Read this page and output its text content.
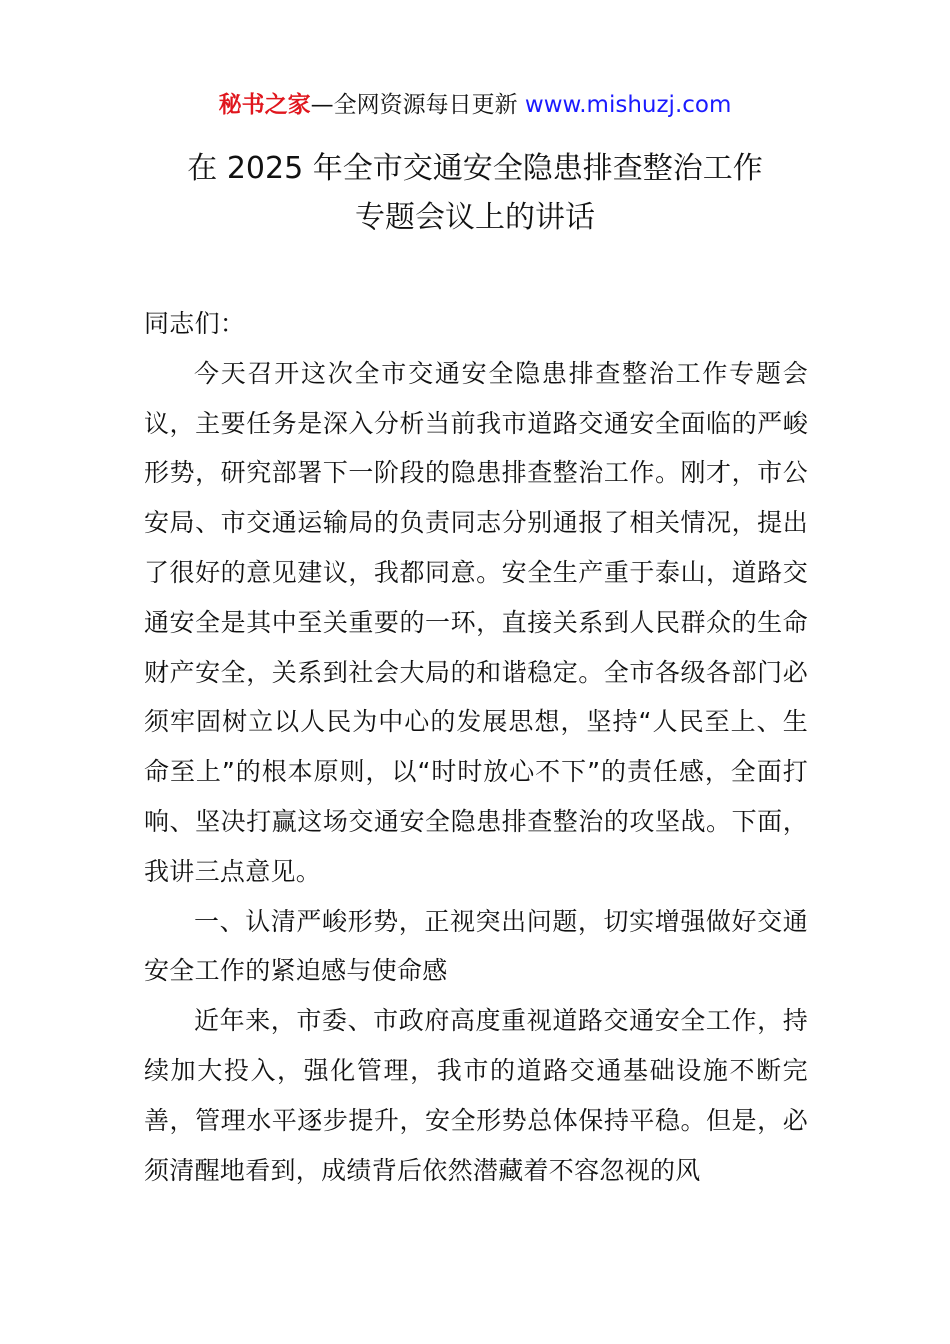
秘书之家—全网资源每日更新 www.mishuzj.com
在 2025 年全市交通安全隐患排查整治工作
专题会议上的讲话

同志们：

今天召开这次全市交通安全隐患排查整治工作专题会议，主要任务是深入分析当前我市道路交通安全面临的严峻形势，研究部署下一阶段的隐患排查整治工作。刚才，市公安局、市交通运输局的负责同志分别通报了相关情况，提出了很好的意见建议，我都同意。安全生产重于泰山，道路交通安全是其中至关重要的一环，直接关系到人民群众的生命财产安全，关系到社会大局的和谐稳定。全市各级各部门必须牢固树立以人民为中心的发展思想，坚持“人民至上、生命至上”的根本原则，以“时时放心不下”的责任感，全面打响、坚决打赢这场交通安全隐患排查整治的攻坚战。下面，我讲三点意见。

一、认清严峻形势，正视突出问题，切实增强做好交通安全工作的紧迫感与使命感

近年来，市委、市政府高度重视道路交通安全工作，持续加大投入，强化管理，我市的道路交通基础设施不断完善，管理水平逐步提升，安全形势总体保持平稳。但是，必须清醒地看到，成绩背后依然潜藏着不容忽视的风
